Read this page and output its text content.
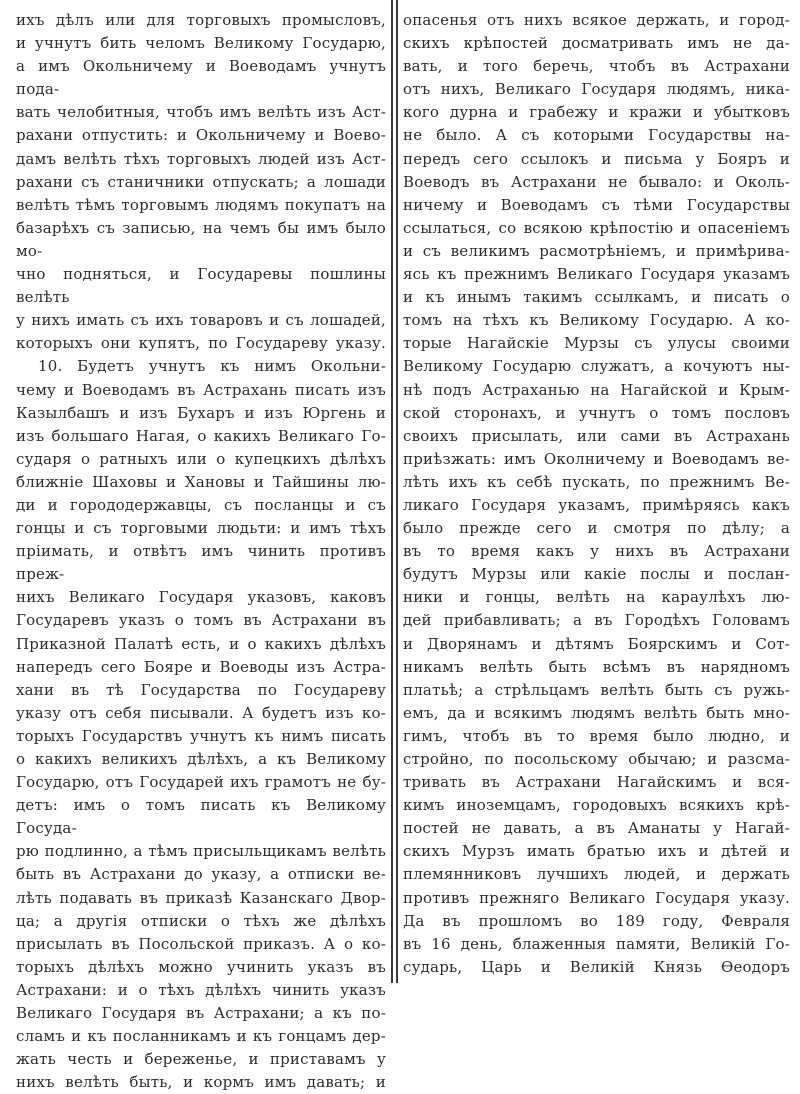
ихъ дѣлъ или для торговыхъ промысловъ,
и учнутъ бить челомъ Великому Государю,
а имъ Окольничему и Воеводамъ учнутъ пода-
вать челобитныя, чтобъ имъ велѣть изъ Аст-
рахани отпустить: и Окольничему и Воево-
дамъ велѣть тѣхъ торговыхъ людей изъ Аст-
рахани съ станичники отпускать; а лошади
велѣть тѣмъ торговымъ людямъ покупатъ на
базарѣхъ съ записью, на чемъ бы имъ было мо-
чно подняться, и Государевы пошлины велѣть
у нихъ имать съ ихъ товаровъ и съ лошадей,
которыхъ они купятъ, по Государеву указу.
10. Будетъ учнутъ къ нимъ Окольни-
чему и Воеводамъ въ Астрахань писать изъ
Казылбашъ и изъ Бухаръ и изъ Юргень и
изъ большаго Нагая, о какихъ Великаго Го-
сударя о ратныхъ или о купецкихъ дѣлѣхъ
ближніе Шаховы и Хановы и Тайшины лю-
ди и горододержавцы, съ посланцы и съ
гонцы и съ торговыми людьти: и имъ тѣхъ
пріимать, и отвѣтъ имъ чинить противъ преж-
нихъ Великаго Государя указовъ, каковъ
Государевъ указъ о томъ въ Астрахани въ
Приказной Палатѣ есть, и о какихъ дѣлѣхъ
напередъ сего Бояре и Воеводы изъ Астра-
хани въ тѣ Государства по Государеву
указу отъ себя писывали. А будетъ изъ ко-
торыхъ Государствъ учнутъ къ нимъ писать
о какихъ великихъ дѣлѣхъ, а къ Великому
Государю, отъ Государей ихъ грамотъ не бу-
детъ: имъ о томъ писать къ Великому Госуда-
рю подлинно, а тѣмъ присыльщикамъ велѣть
быть въ Астрахани до указу, а отписки ве-
лѣть подавать въ приказѣ Казанскаго Двор-
ца; а другія отписки о тѣхъ же дѣлѣхъ
присылать въ Посольской приказъ. А о ко-
торыхъ дѣлѣхъ можно учинить указъ въ
Астрахани: и о тѣхъ дѣлѣхъ чинить указъ
Великаго Государя въ Астрахани; а къ по-
сламъ и къ посланникамъ и къ гонцамъ дер-
жать честь и береженье, и приставамъ у
нихъ велѣть быть, и кормъ имъ давать; и
опасенья отъ нихъ всякое держать, и город-
скихъ крѣпостей досматривать имъ не да-
вать, и того беречь, чтобъ въ Астрахани
отъ нихъ, Великаго Государя людямъ, ника-
кого дурна и грабежу и кражи и убытковъ
не было. А съ которыми Государствы на-
передъ сего ссылокъ и письма у Бояръ и
Воеводъ въ Астрахани не бывало: и Околь-
ничему и Воеводамъ съ тѣми Государствы
ссылаться, со всякою крѣпостію и опасеніемъ
и съ великимъ расмотрѣніемъ, и примѣрива-
ясь къ прежнимъ Великаго Государя указамъ
и къ инымъ такимъ ссылкамъ, и писать о
томъ на тѣхъ къ Великому Государю. А ко-
торые Нагайскіе Мурзы съ улусы своими
Великому Государю служатъ, а кочуютъ ны-
нѣ подъ Астраханью на Нагайской и Крым-
ской сторонахъ, и учнутъ о томъ пословъ
своихъ присылать, или сами въ Астрахань
приѣзжать: имъ Околничему и Воеводамъ ве-
лѣть ихъ къ себѣ пускать, по прежнимъ Ве-
ликаго Государя указамъ, примѣряясь какъ
было прежде сего и смотря по дѣлу; а
въ то время какъ у нихъ въ Астрахани
будутъ Мурзы или какіе послы и послан-
ники и гонцы, велѣть на караулѣхъ лю-
дей прибавливать; а въ Городѣхъ Головамъ
и Дворянамъ и дѣтямъ Боярскимъ и Сот-
никамъ велѣть быть всѣмъ въ нарядномъ
платьѣ; а стрѣльцамъ велѣть быть съ ружь-
емъ, да и всякимъ людямъ велѣть быть мно-
гимъ, чтобъ въ то время было людно, и
стройно, по посольскому обычаю; и разсма-
тривать въ Астрахани Нагайскимъ и вся-
кимъ иноземцамъ, городовыхъ всякихъ крѣ-
постей не давать, а въ Аманаты у Нагай-
скихъ Мурзъ имать братью ихъ и дѣтей и
племянниковъ лучшихъ людей, и держать
противъ прежняго Великаго Государя указу.
Да въ прошломъ во 189 году, Февраля
въ 16 день, блаженныя памяти, Великій Го-
сударь, Царь и Великій Князь Ѳеодоръ
